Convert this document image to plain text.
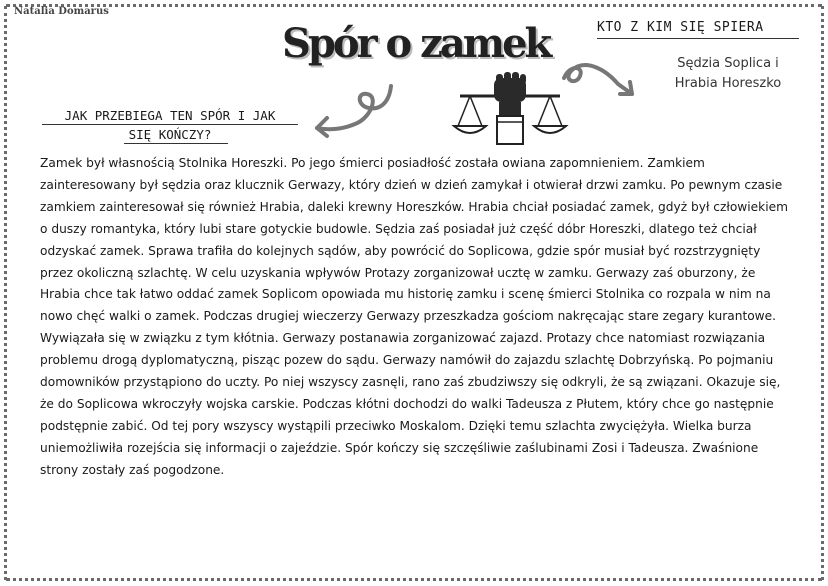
Natalia Domarus
Spór o zamek	KTO Z KIM SIĘ SPIERA
Sędzia Soplica i
Hrabia Horeszko
JAK PRZEBIEGA TEN SPÓR I JAK
SIĘ KOŃCZY?

Zamek był własnością Stolnika Horeszki. Po jego śmierci posiadłość została owiana zapomnieniem. Zamkiem zainteresowany był sędzia oraz klucznik Gerwazy, który dzień w dzień zamykał i otwierał drzwi zamku. Po pewnym czasie zamkiem zainteresował się również Hrabia, daleki krewny Horeszków. Hrabia chciał posiadać zamek, gdyż był człowiekiem o duszy romantyka, który lubi stare gotyckie budowle. Sędzia zaś posiadał już część dóbr Horeszki, dlatego też chciał odzyskać zamek. Sprawa trafiła do kolejnych sądów, aby powrócić do Soplicowa, gdzie spór musiał być rozstrzygnięty przez okoliczną szlachtę. W celu uzyskania wpływów Protazy zorganizował ucztę w zamku. Gerwazy zaś oburzony, że Hrabia chce tak łatwo oddać zamek Soplicom opowiada mu historię zamku i scenę śmierci Stolnika co rozpala w nim na nowo chęć walki o zamek. Podczas drugiej wieczerzy Gerwazy przeszkadza gościom nakręcając stare zegary kurantowe. Wywiązała się w związku z tym kłótnia. Gerwazy postanawia zorganizować zajazd. Protazy chce natomiast rozwiązania problemu drogą dyplomatyczną, pisząc pozew do sądu. Gerwazy namówił do zajazdu szlachtę Dobrzyńską. Po pojmaniu domowników przystąpiono do uczty. Po niej wszyscy zasnęli, rano zaś zbudziwszy się odkryli, że są związani. Okazuje się, że do Soplicowa wkroczyły wojska carskie. Podczas kłótni dochodzi do walki Tadeusza z Płutem, który chce go następnie podstępnie zabić. Od tej pory wszyscy wystąpili przeciwko Moskalom. Dzięki temu szlachta zwyciężyła. Wielka burza uniemożliwiła rozejścia się informacji o zajeździe. Spór kończy się szczęśliwie zaślubinami Zosi i Tadeusza. Zwaśnione strony zostały zaś pogodzone.
